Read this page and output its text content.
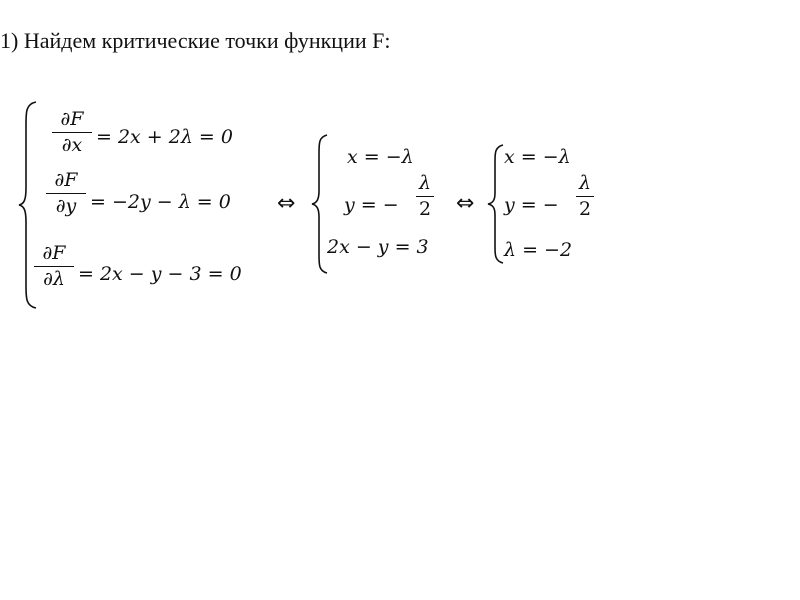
1) Найдем критические точки функции F:
∂F
∂x = 2x + 2λ = 0
∂F
∂y = −2y − λ = 0
∂F
∂λ = 2x − y − 3 = 0
⇔
x = −λ
y = −
λ
2
2x − y = 3
⇔
x = −λ
y = −
λ
2
λ = −2
